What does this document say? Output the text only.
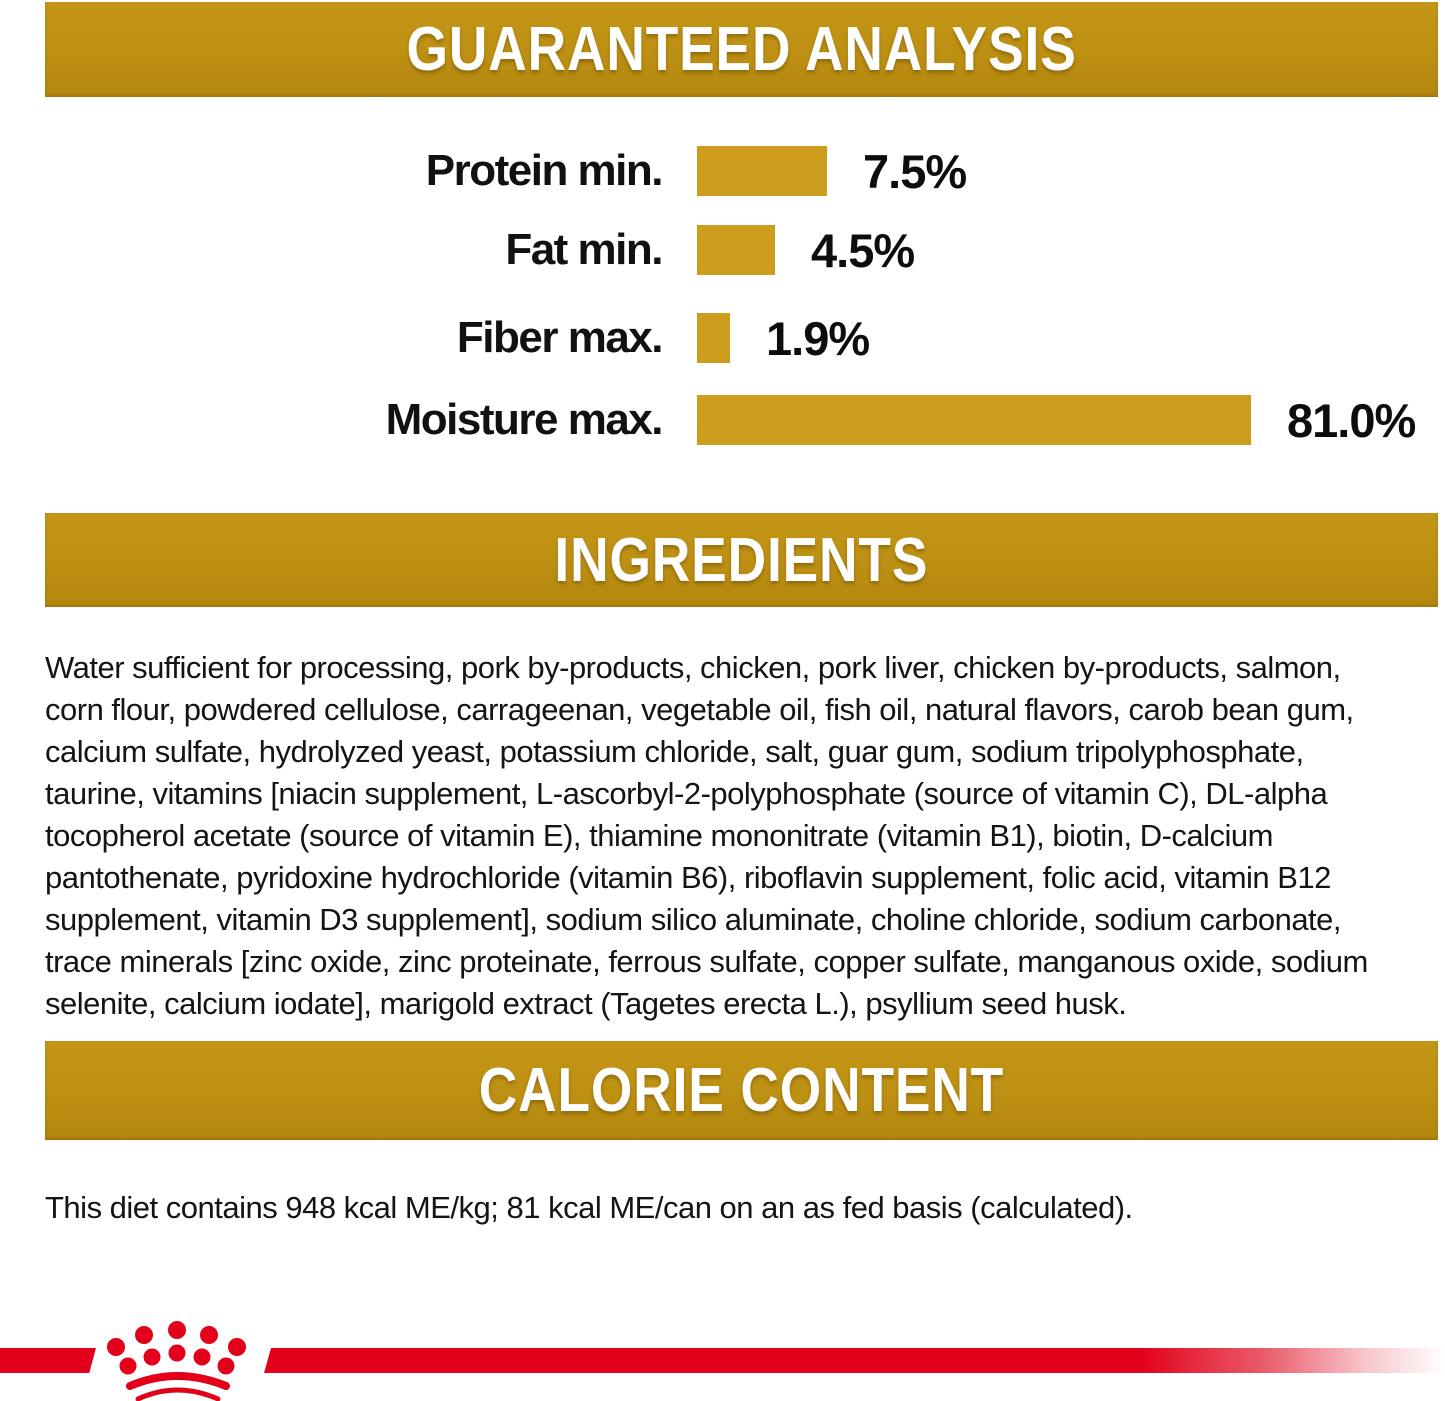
GUARANTEED ANALYSIS
Protein min.	7.5%
Fat min.	4.5%
Fiber max. 1.9%
Moisture max.	81.0%
INGREDIENTS

Water sufficient for processing, pork by-products, chicken, pork liver, chicken by-products, salmon, corn flour, powdered cellulose, carrageenan, vegetable oil, fish oil, natural flavors, carob bean gum, calcium sulfate, hydrolyzed yeast, potassium chloride, salt, guar gum, sodium tripolyphosphate, taurine, vitamins [niacin supplement, L-ascorbyl-2-polyphosphate (source of vitamin C), DL-alpha tocopherol acetate (source of vitamin E), thiamine mononitrate (vitamin B1), biotin, D-calcium pantothenate, pyridoxine hydrochloride (vitamin B6), riboflavin supplement, folic acid, vitamin B12 supplement, vitamin D3 supplement], sodium silico aluminate, choline chloride, sodium carbonate, trace minerals [zinc oxide, zinc proteinate, ferrous sulfate, copper sulfate, manganous oxide, sodium selenite, calcium iodate], marigold extract (Tagetes erecta L.), psyllium seed husk.

CALORIE CONTENT

This diet contains 948 kcal ME/kg; 81 kcal ME/can on an as fed basis (calculated).
